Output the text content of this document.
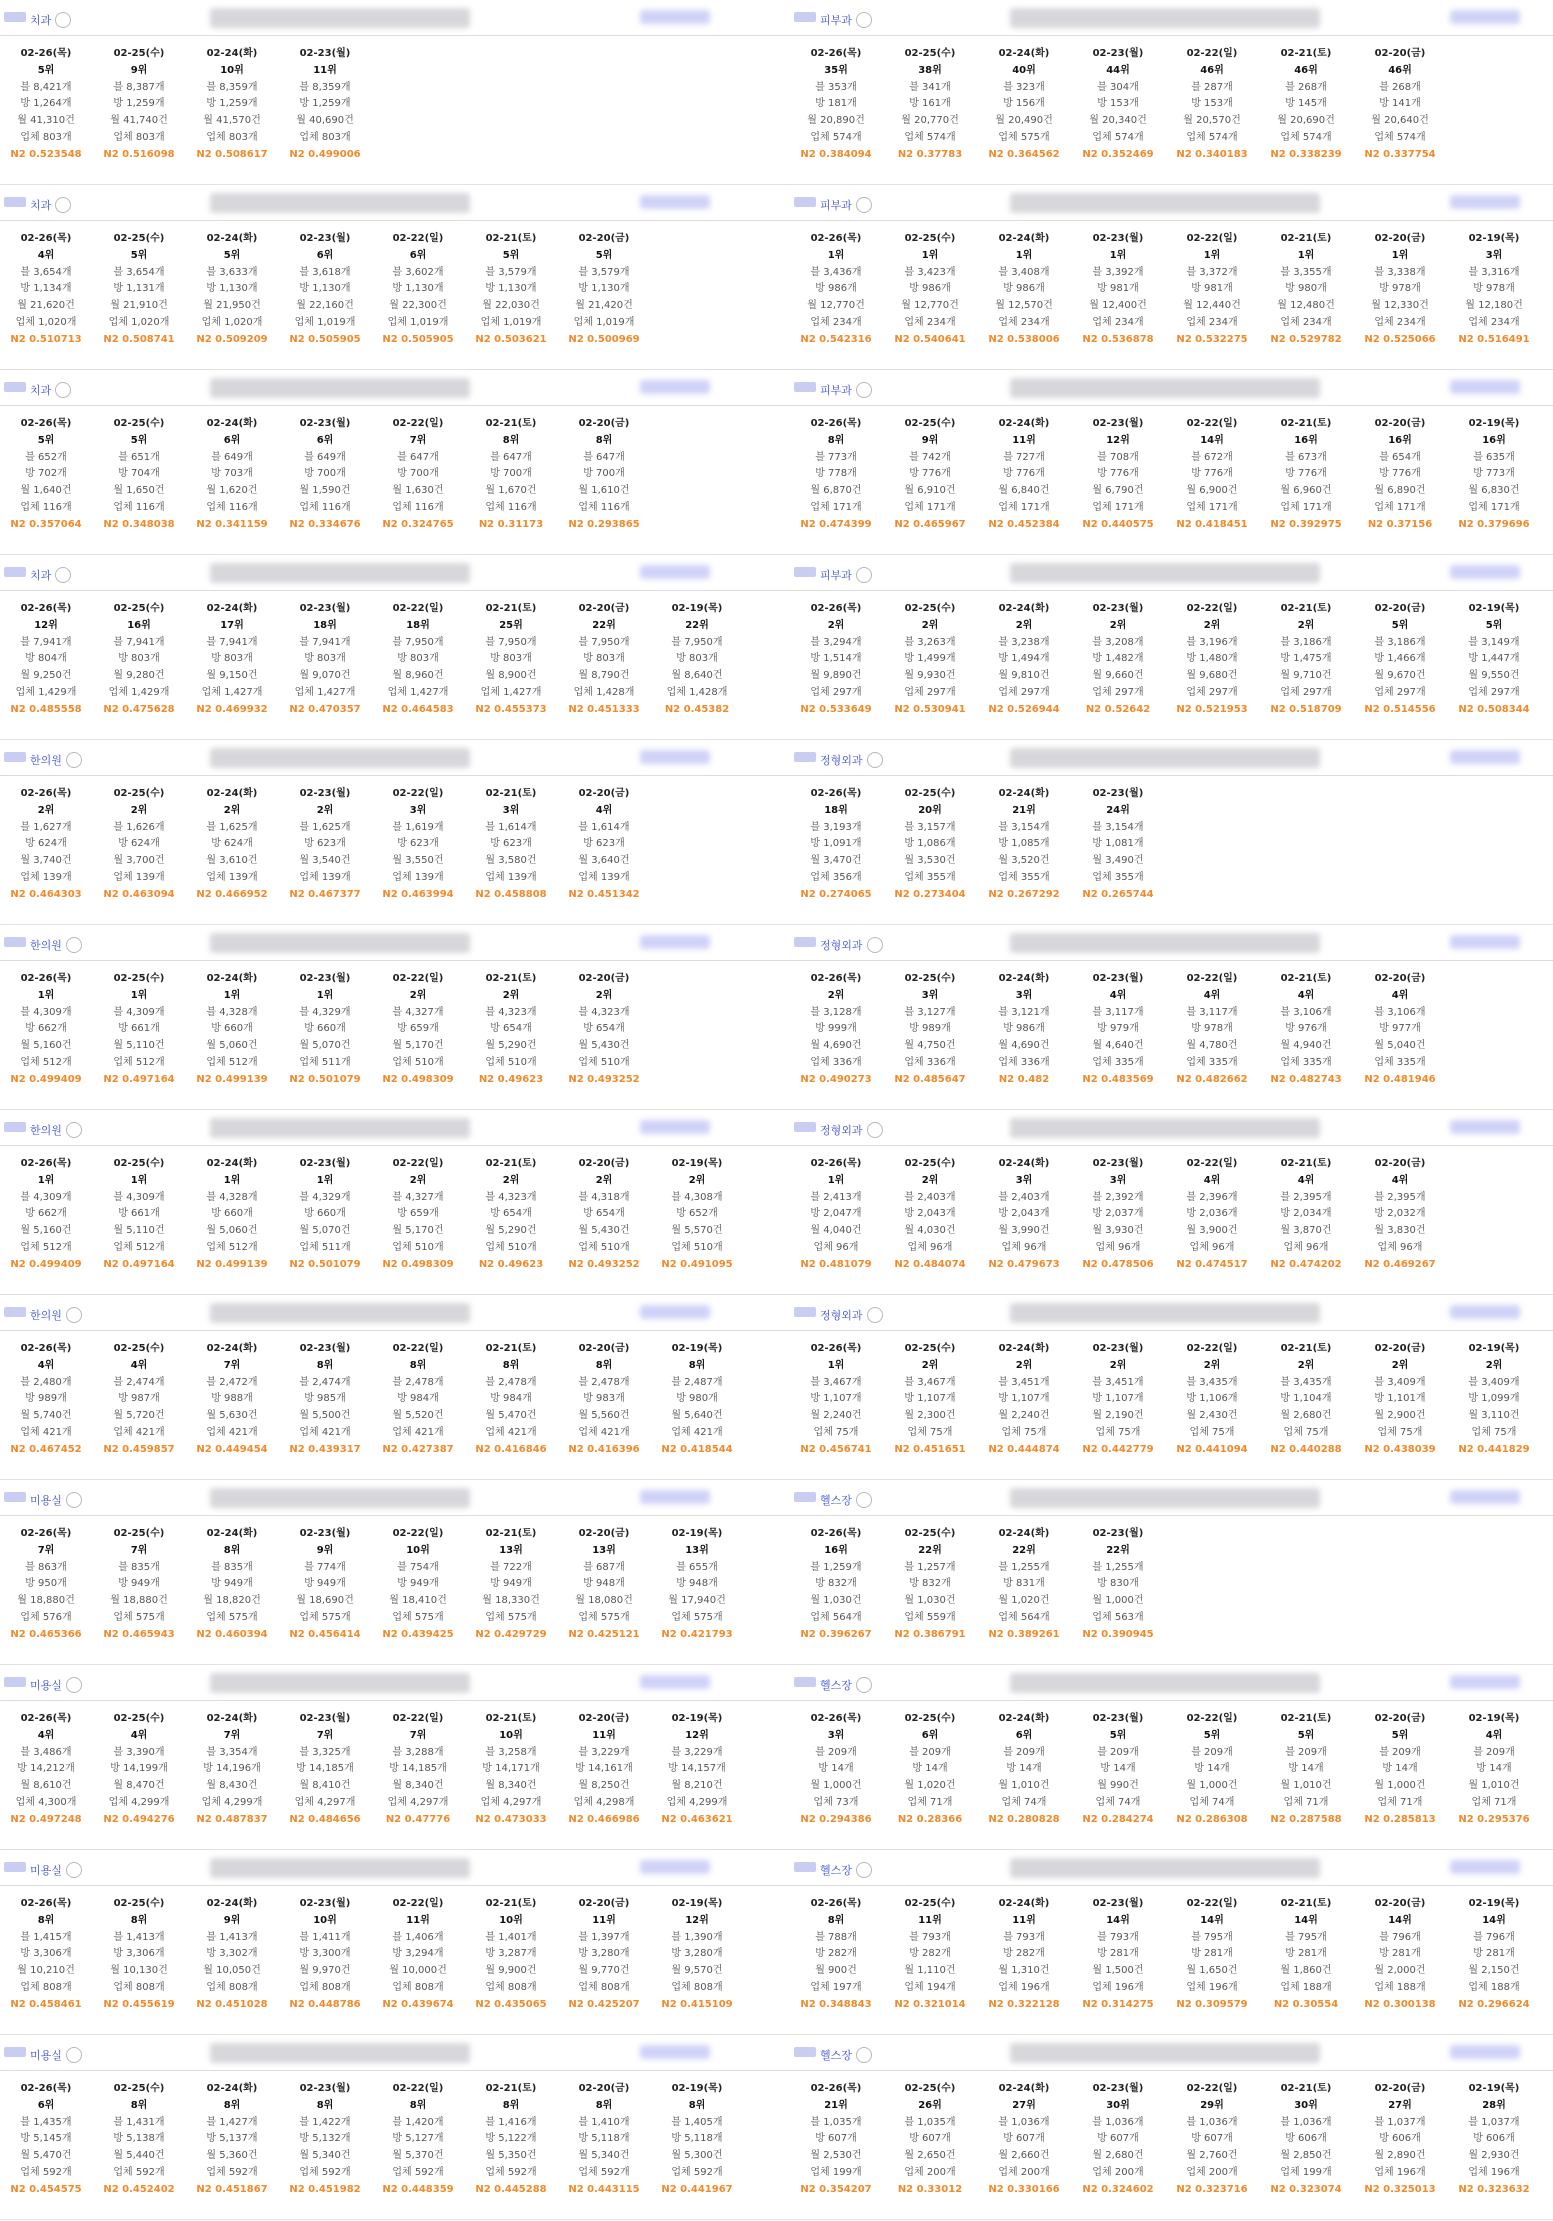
치과
02-26(목)
5위
블 8,421개
방 1,264개
월 41,310건
업체 803개
N2 0.523548
02-25(수)
9위
블 8,387개
방 1,259개
월 41,740건
업체 803개
N2 0.516098
02-24(화)
10위
블 8,359개
방 1,259개
월 41,570건
업체 803개
N2 0.508617
02-23(월)
11위
블 8,359개
방 1,259개
월 40,690건
업체 803개
N2 0.499006
치과
02-26(목)
4위
블 3,654개
방 1,134개
월 21,620건
업체 1,020개
N2 0.510713
02-25(수)
5위
블 3,654개
방 1,131개
월 21,910건
업체 1,020개
N2 0.508741
02-24(화)
5위
블 3,633개
방 1,130개
월 21,950건
업체 1,020개
N2 0.509209
02-23(월)
6위
블 3,618개
방 1,130개
월 22,160건
업체 1,019개
N2 0.505905
02-22(일)
6위
블 3,602개
방 1,130개
월 22,300건
업체 1,019개
N2 0.505905
02-21(토)
5위
블 3,579개
방 1,130개
월 22,030건
업체 1,019개
N2 0.503621
02-20(금)
5위
블 3,579개
방 1,130개
월 21,420건
업체 1,019개
N2 0.500969
치과
02-26(목)
5위
블 652개
방 702개
월 1,640건
업체 116개
N2 0.357064
02-25(수)
5위
블 651개
방 704개
월 1,650건
업체 116개
N2 0.348038
02-24(화)
6위
블 649개
방 703개
월 1,620건
업체 116개
N2 0.341159
02-23(월)
6위
블 649개
방 700개
월 1,590건
업체 116개
N2 0.334676
02-22(일)
7위
블 647개
방 700개
월 1,630건
업체 116개
N2 0.324765
02-21(토)
8위
블 647개
방 700개
월 1,670건
업체 116개
N2 0.31173
02-20(금)
8위
블 647개
방 700개
월 1,610건
업체 116개
N2 0.293865
치과
02-26(목)
12위
블 7,941개
방 804개
월 9,250건
업체 1,429개
N2 0.485558
02-25(수)
16위
블 7,941개
방 803개
월 9,280건
업체 1,429개
N2 0.475628
02-24(화)
17위
블 7,941개
방 803개
월 9,150건
업체 1,427개
N2 0.469932
02-23(월)
18위
블 7,941개
방 803개
월 9,070건
업체 1,427개
N2 0.470357
02-22(일)
18위
블 7,950개
방 803개
월 8,960건
업체 1,427개
N2 0.464583
02-21(토)
25위
블 7,950개
방 803개
월 8,900건
업체 1,427개
N2 0.455373
02-20(금)
22위
블 7,950개
방 803개
월 8,790건
업체 1,428개
N2 0.451333
02-19(목)
22위
블 7,950개
방 803개
월 8,640건
업체 1,428개
N2 0.45382
한의원
02-26(목)
2위
블 1,627개
방 624개
월 3,740건
업체 139개
N2 0.464303
02-25(수)
2위
블 1,626개
방 624개
월 3,700건
업체 139개
N2 0.463094
02-24(화)
2위
블 1,625개
방 624개
월 3,610건
업체 139개
N2 0.466952
02-23(월)
2위
블 1,625개
방 623개
월 3,540건
업체 139개
N2 0.467377
02-22(일)
3위
블 1,619개
방 623개
월 3,550건
업체 139개
N2 0.463994
02-21(토)
3위
블 1,614개
방 623개
월 3,580건
업체 139개
N2 0.458808
02-20(금)
4위
블 1,614개
방 623개
월 3,640건
업체 139개
N2 0.451342
한의원
02-26(목)
1위
블 4,309개
방 662개
월 5,160건
업체 512개
N2 0.499409
02-25(수)
1위
블 4,309개
방 661개
월 5,110건
업체 512개
N2 0.497164
02-24(화)
1위
블 4,328개
방 660개
월 5,060건
업체 512개
N2 0.499139
02-23(월)
1위
블 4,329개
방 660개
월 5,070건
업체 511개
N2 0.501079
02-22(일)
2위
블 4,327개
방 659개
월 5,170건
업체 510개
N2 0.498309
02-21(토)
2위
블 4,323개
방 654개
월 5,290건
업체 510개
N2 0.49623
02-20(금)
2위
블 4,323개
방 654개
월 5,430건
업체 510개
N2 0.493252
한의원
02-26(목)
1위
블 4,309개
방 662개
월 5,160건
업체 512개
N2 0.499409
02-25(수)
1위
블 4,309개
방 661개
월 5,110건
업체 512개
N2 0.497164
02-24(화)
1위
블 4,328개
방 660개
월 5,060건
업체 512개
N2 0.499139
02-23(월)
1위
블 4,329개
방 660개
월 5,070건
업체 511개
N2 0.501079
02-22(일)
2위
블 4,327개
방 659개
월 5,170건
업체 510개
N2 0.498309
02-21(토)
2위
블 4,323개
방 654개
월 5,290건
업체 510개
N2 0.49623
02-20(금)
2위
블 4,318개
방 654개
월 5,430건
업체 510개
N2 0.493252
02-19(목)
2위
블 4,308개
방 652개
월 5,570건
업체 510개
N2 0.491095
한의원
02-26(목)
4위
블 2,480개
방 989개
월 5,740건
업체 421개
N2 0.467452
02-25(수)
4위
블 2,474개
방 987개
월 5,720건
업체 421개
N2 0.459857
02-24(화)
7위
블 2,472개
방 988개
월 5,630건
업체 421개
N2 0.449454
02-23(월)
8위
블 2,474개
방 985개
월 5,500건
업체 421개
N2 0.439317
02-22(일)
8위
블 2,478개
방 984개
월 5,520건
업체 421개
N2 0.427387
02-21(토)
8위
블 2,478개
방 984개
월 5,470건
업체 421개
N2 0.416846
02-20(금)
8위
블 2,478개
방 983개
월 5,560건
업체 421개
N2 0.416396
02-19(목)
8위
블 2,487개
방 980개
월 5,640건
업체 421개
N2 0.418544
미용실
02-26(목)
7위
블 863개
방 950개
월 18,880건
업체 576개
N2 0.465366
02-25(수)
7위
블 835개
방 949개
월 18,880건
업체 575개
N2 0.465943
02-24(화)
8위
블 835개
방 949개
월 18,820건
업체 575개
N2 0.460394
02-23(월)
9위
블 774개
방 949개
월 18,690건
업체 575개
N2 0.456414
02-22(일)
10위
블 754개
방 949개
월 18,410건
업체 575개
N2 0.439425
02-21(토)
13위
블 722개
방 949개
월 18,330건
업체 575개
N2 0.429729
02-20(금)
13위
블 687개
방 948개
월 18,080건
업체 575개
N2 0.425121
02-19(목)
13위
블 655개
방 948개
월 17,940건
업체 575개
N2 0.421793
미용실
02-26(목)
4위
블 3,486개
방 14,212개
월 8,610건
업체 4,300개
N2 0.497248
02-25(수)
4위
블 3,390개
방 14,199개
월 8,470건
업체 4,299개
N2 0.494276
02-24(화)
7위
블 3,354개
방 14,196개
월 8,430건
업체 4,299개
N2 0.487837
02-23(월)
7위
블 3,325개
방 14,185개
월 8,410건
업체 4,297개
N2 0.484656
02-22(일)
7위
블 3,288개
방 14,185개
월 8,340건
업체 4,297개
N2 0.47776
02-21(토)
10위
블 3,258개
방 14,171개
월 8,340건
업체 4,297개
N2 0.473033
02-20(금)
11위
블 3,229개
방 14,161개
월 8,250건
업체 4,298개
N2 0.466986
02-19(목)
12위
블 3,229개
방 14,157개
월 8,210건
업체 4,299개
N2 0.463621
미용실
02-26(목)
8위
블 1,415개
방 3,306개
월 10,210건
업체 808개
N2 0.458461
02-25(수)
8위
블 1,413개
방 3,306개
월 10,130건
업체 808개
N2 0.455619
02-24(화)
9위
블 1,413개
방 3,302개
월 10,050건
업체 808개
N2 0.451028
02-23(월)
10위
블 1,411개
방 3,300개
월 9,970건
업체 808개
N2 0.448786
02-22(일)
11위
블 1,406개
방 3,294개
월 10,000건
업체 808개
N2 0.439674
02-21(토)
10위
블 1,401개
방 3,287개
월 9,900건
업체 808개
N2 0.435065
02-20(금)
11위
블 1,397개
방 3,280개
월 9,770건
업체 808개
N2 0.425207
02-19(목)
12위
블 1,390개
방 3,280개
월 9,570건
업체 808개
N2 0.415109
미용실
02-26(목)
6위
블 1,435개
방 5,145개
월 5,470건
업체 592개
N2 0.454575
02-25(수)
8위
블 1,431개
방 5,138개
월 5,440건
업체 592개
N2 0.452402
02-24(화)
8위
블 1,427개
방 5,137개
월 5,360건
업체 592개
N2 0.451867
02-23(월)
8위
블 1,422개
방 5,132개
월 5,340건
업체 592개
N2 0.451982
02-22(일)
8위
블 1,420개
방 5,127개
월 5,370건
업체 592개
N2 0.448359
02-21(토)
8위
블 1,416개
방 5,122개
월 5,350건
업체 592개
N2 0.445288
02-20(금)
8위
블 1,410개
방 5,118개
월 5,340건
업체 592개
N2 0.443115
02-19(목)
8위
블 1,405개
방 5,118개
월 5,300건
업체 592개
N2 0.441967
피부과
02-26(목)
35위
블 353개
방 181개
월 20,890건
업체 574개
N2 0.384094
02-25(수)
38위
블 341개
방 161개
월 20,770건
업체 574개
N2 0.37783
02-24(화)
40위
블 323개
방 156개
월 20,490건
업체 575개
N2 0.364562
02-23(월)
44위
블 304개
방 153개
월 20,340건
업체 574개
N2 0.352469
02-22(일)
46위
블 287개
방 153개
월 20,570건
업체 574개
N2 0.340183
02-21(토)
46위
블 268개
방 145개
월 20,690건
업체 574개
N2 0.338239
02-20(금)
46위
블 268개
방 141개
월 20,640건
업체 574개
N2 0.337754
피부과
02-26(목)
1위
블 3,436개
방 986개
월 12,770건
업체 234개
N2 0.542316
02-25(수)
1위
블 3,423개
방 986개
월 12,770건
업체 234개
N2 0.540641
02-24(화)
1위
블 3,408개
방 986개
월 12,570건
업체 234개
N2 0.538006
02-23(월)
1위
블 3,392개
방 981개
월 12,400건
업체 234개
N2 0.536878
02-22(일)
1위
블 3,372개
방 981개
월 12,440건
업체 234개
N2 0.532275
02-21(토)
1위
블 3,355개
방 980개
월 12,480건
업체 234개
N2 0.529782
02-20(금)
1위
블 3,338개
방 978개
월 12,330건
업체 234개
N2 0.525066
02-19(목)
3위
블 3,316개
방 978개
월 12,180건
업체 234개
N2 0.516491
피부과
02-26(목)
8위
블 773개
방 778개
월 6,870건
업체 171개
N2 0.474399
02-25(수)
9위
블 742개
방 776개
월 6,910건
업체 171개
N2 0.465967
02-24(화)
11위
블 727개
방 776개
월 6,840건
업체 171개
N2 0.452384
02-23(월)
12위
블 708개
방 776개
월 6,790건
업체 171개
N2 0.440575
02-22(일)
14위
블 672개
방 776개
월 6,900건
업체 171개
N2 0.418451
02-21(토)
16위
블 673개
방 776개
월 6,960건
업체 171개
N2 0.392975
02-20(금)
16위
블 654개
방 776개
월 6,890건
업체 171개
N2 0.37156
02-19(목)
16위
블 635개
방 773개
월 6,830건
업체 171개
N2 0.379696
피부과
02-26(목)
2위
블 3,294개
방 1,514개
월 9,890건
업체 297개
N2 0.533649
02-25(수)
2위
블 3,263개
방 1,499개
월 9,930건
업체 297개
N2 0.530941
02-24(화)
2위
블 3,238개
방 1,494개
월 9,810건
업체 297개
N2 0.526944
02-23(월)
2위
블 3,208개
방 1,482개
월 9,660건
업체 297개
N2 0.52642
02-22(일)
2위
블 3,196개
방 1,480개
월 9,680건
업체 297개
N2 0.521953
02-21(토)
2위
블 3,186개
방 1,475개
월 9,710건
업체 297개
N2 0.518709
02-20(금)
5위
블 3,186개
방 1,466개
월 9,670건
업체 297개
N2 0.514556
02-19(목)
5위
블 3,149개
방 1,447개
월 9,550건
업체 297개
N2 0.508344
정형외과
02-26(목)
18위
블 3,193개
방 1,091개
월 3,470건
업체 356개
N2 0.274065
02-25(수)
20위
블 3,157개
방 1,086개
월 3,530건
업체 355개
N2 0.273404
02-24(화)
21위
블 3,154개
방 1,085개
월 3,520건
업체 355개
N2 0.267292
02-23(월)
24위
블 3,154개
방 1,081개
월 3,490건
업체 355개
N2 0.265744
정형외과
02-26(목)
2위
블 3,128개
방 999개
월 4,690건
업체 336개
N2 0.490273
02-25(수)
3위
블 3,127개
방 989개
월 4,750건
업체 336개
N2 0.485647
02-24(화)
3위
블 3,121개
방 986개
월 4,690건
업체 336개
N2 0.482
02-23(월)
4위
블 3,117개
방 979개
월 4,640건
업체 335개
N2 0.483569
02-22(일)
4위
블 3,117개
방 978개
월 4,780건
업체 335개
N2 0.482662
02-21(토)
4위
블 3,106개
방 976개
월 4,940건
업체 335개
N2 0.482743
02-20(금)
4위
블 3,106개
방 977개
월 5,040건
업체 335개
N2 0.481946
정형외과
02-26(목)
1위
블 2,413개
방 2,047개
월 4,040건
업체 96개
N2 0.481079
02-25(수)
2위
블 2,403개
방 2,043개
월 4,030건
업체 96개
N2 0.484074
02-24(화)
3위
블 2,403개
방 2,043개
월 3,990건
업체 96개
N2 0.479673
02-23(월)
3위
블 2,392개
방 2,037개
월 3,930건
업체 96개
N2 0.478506
02-22(일)
4위
블 2,396개
방 2,036개
월 3,900건
업체 96개
N2 0.474517
02-21(토)
4위
블 2,395개
방 2,034개
월 3,870건
업체 96개
N2 0.474202
02-20(금)
4위
블 2,395개
방 2,032개
월 3,830건
업체 96개
N2 0.469267
정형외과
02-26(목)
1위
블 3,467개
방 1,107개
월 2,240건
업체 75개
N2 0.456741
02-25(수)
2위
블 3,467개
방 1,107개
월 2,300건
업체 75개
N2 0.451651
02-24(화)
2위
블 3,451개
방 1,107개
월 2,240건
업체 75개
N2 0.444874
02-23(월)
2위
블 3,451개
방 1,107개
월 2,190건
업체 75개
N2 0.442779
02-22(일)
2위
블 3,435개
방 1,106개
월 2,430건
업체 75개
N2 0.441094
02-21(토)
2위
블 3,435개
방 1,104개
월 2,680건
업체 75개
N2 0.440288
02-20(금)
2위
블 3,409개
방 1,101개
월 2,900건
업체 75개
N2 0.438039
02-19(목)
2위
블 3,409개
방 1,099개
월 3,110건
업체 75개
N2 0.441829
헬스장
02-26(목)
16위
블 1,259개
방 832개
월 1,030건
업체 564개
N2 0.396267
02-25(수)
22위
블 1,257개
방 832개
월 1,030건
업체 559개
N2 0.386791
02-24(화)
22위
블 1,255개
방 831개
월 1,020건
업체 564개
N2 0.389261
02-23(월)
22위
블 1,255개
방 830개
월 1,000건
업체 563개
N2 0.390945
헬스장
02-26(목)
3위
블 209개
방 14개
월 1,000건
업체 73개
N2 0.294386
02-25(수)
6위
블 209개
방 14개
월 1,020건
업체 71개
N2 0.28366
02-24(화)
6위
블 209개
방 14개
월 1,010건
업체 74개
N2 0.280828
02-23(월)
5위
블 209개
방 14개
월 990건
업체 74개
N2 0.284274
02-22(일)
5위
블 209개
방 14개
월 1,000건
업체 74개
N2 0.286308
02-21(토)
5위
블 209개
방 14개
월 1,010건
업체 71개
N2 0.287588
02-20(금)
5위
블 209개
방 14개
월 1,000건
업체 71개
N2 0.285813
02-19(목)
4위
블 209개
방 14개
월 1,010건
업체 71개
N2 0.295376
헬스장
02-26(목)
8위
블 788개
방 282개
월 900건
업체 197개
N2 0.348843
02-25(수)
11위
블 793개
방 282개
월 1,110건
업체 194개
N2 0.321014
02-24(화)
11위
블 793개
방 282개
월 1,310건
업체 196개
N2 0.322128
02-23(월)
14위
블 793개
방 281개
월 1,500건
업체 196개
N2 0.314275
02-22(일)
14위
블 795개
방 281개
월 1,650건
업체 196개
N2 0.309579
02-21(토)
14위
블 795개
방 281개
월 1,860건
업체 188개
N2 0.30554
02-20(금)
14위
블 796개
방 281개
월 2,000건
업체 188개
N2 0.300138
02-19(목)
14위
블 796개
방 281개
월 2,150건
업체 188개
N2 0.296624
헬스장
02-26(목)
21위
블 1,035개
방 607개
월 2,530건
업체 199개
N2 0.354207
02-25(수)
26위
블 1,035개
방 607개
월 2,650건
업체 200개
N2 0.33012
02-24(화)
27위
블 1,036개
방 607개
월 2,660건
업체 200개
N2 0.330166
02-23(월)
30위
블 1,036개
방 607개
월 2,680건
업체 200개
N2 0.324602
02-22(일)
29위
블 1,036개
방 607개
월 2,760건
업체 200개
N2 0.323716
02-21(토)
30위
블 1,036개
방 606개
월 2,850건
업체 199개
N2 0.323074
02-20(금)
27위
블 1,037개
방 606개
월 2,890건
업체 196개
N2 0.325013
02-19(목)
28위
블 1,037개
방 606개
월 2,930건
업체 196개
N2 0.323632
